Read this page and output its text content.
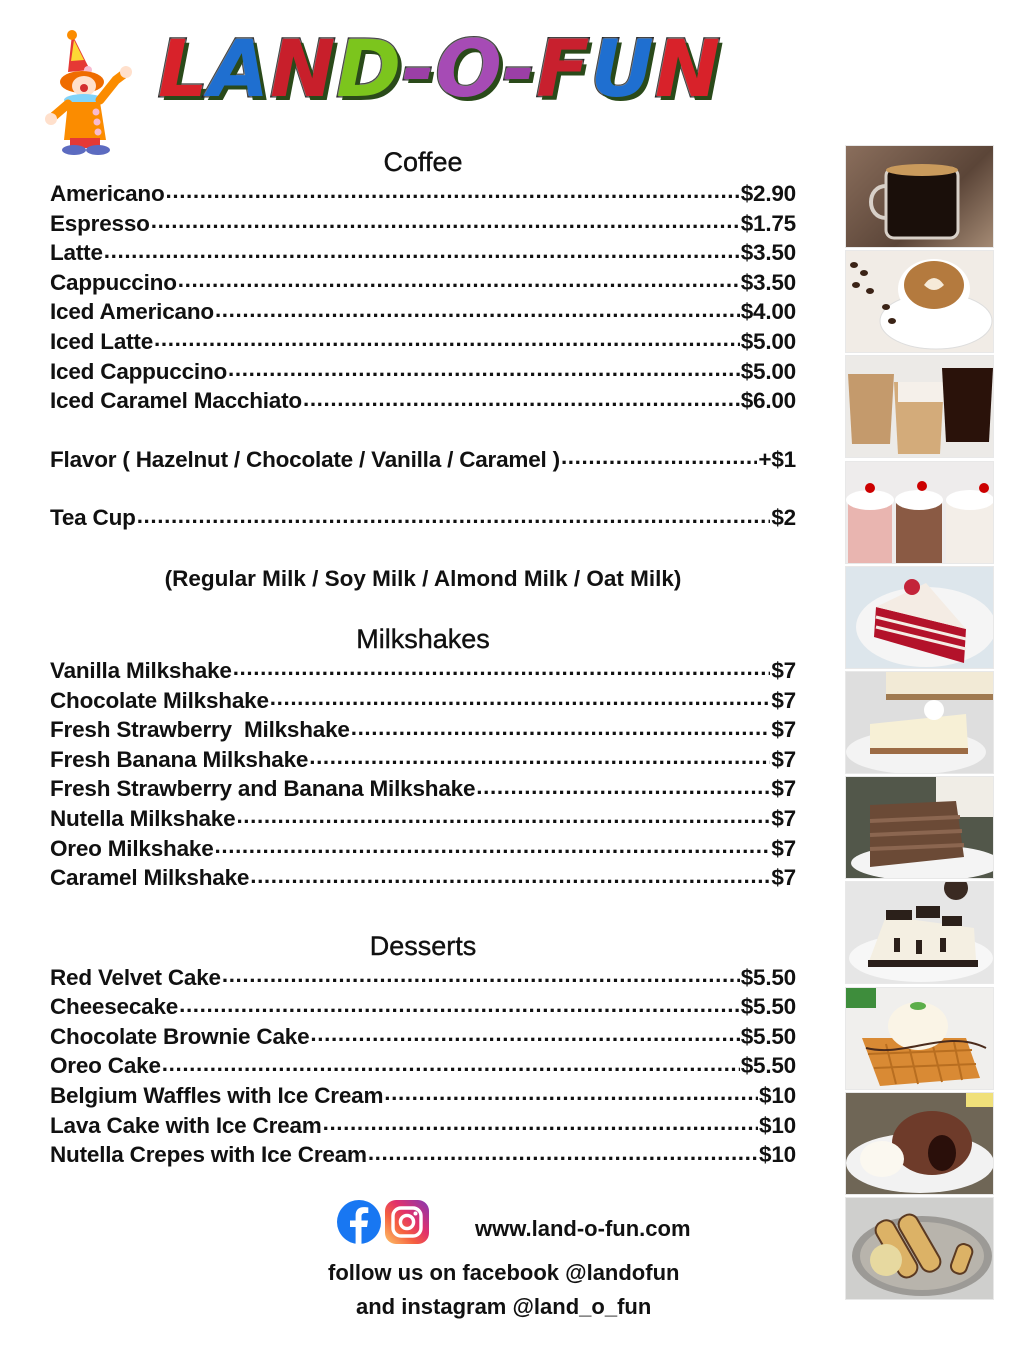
LAND-O-FUN
Coffee
Americano .....	$2.90
Espresso .....	$1.75
Latte .....	$3.50
Cappuccino .....	$3.50
Iced Americano .....	$4.00
Iced Latte .....	$5.00
Iced Cappuccino .....	$5.00
Iced Caramel Macchiato .....	$6.00
Flavor ( Hazelnut / Chocolate / Vanilla / Caramel ) .....	+$1
Tea Cup .....	$2
(Regular Milk / Soy Milk / Almond Milk / Oat Milk)
Milkshakes
Vanilla Milkshake .....	$7
Chocolate Milkshake .....	$7
Fresh Strawberry  Milkshake .....	$7
Fresh Banana Milkshake .....	$7
Fresh Strawberry and Banana Milkshake .....	$7
Nutella Milkshake .....	$7
Oreo Milkshake .....	$7
Caramel Milkshake .....	$7
Desserts
Red Velvet Cake .....	$5.50
Cheesecake .....	$5.50
Chocolate Brownie Cake .....	$5.50
Oreo Cake .....	$5.50
Belgium Waffles with Ice Cream .....	$10
Lava Cake with Ice Cream .....	$10
Nutella Crepes with Ice Cream .....	$10
www.land-o-fun.com
follow us on facebook @landofun
and instagram @land_o_fun
